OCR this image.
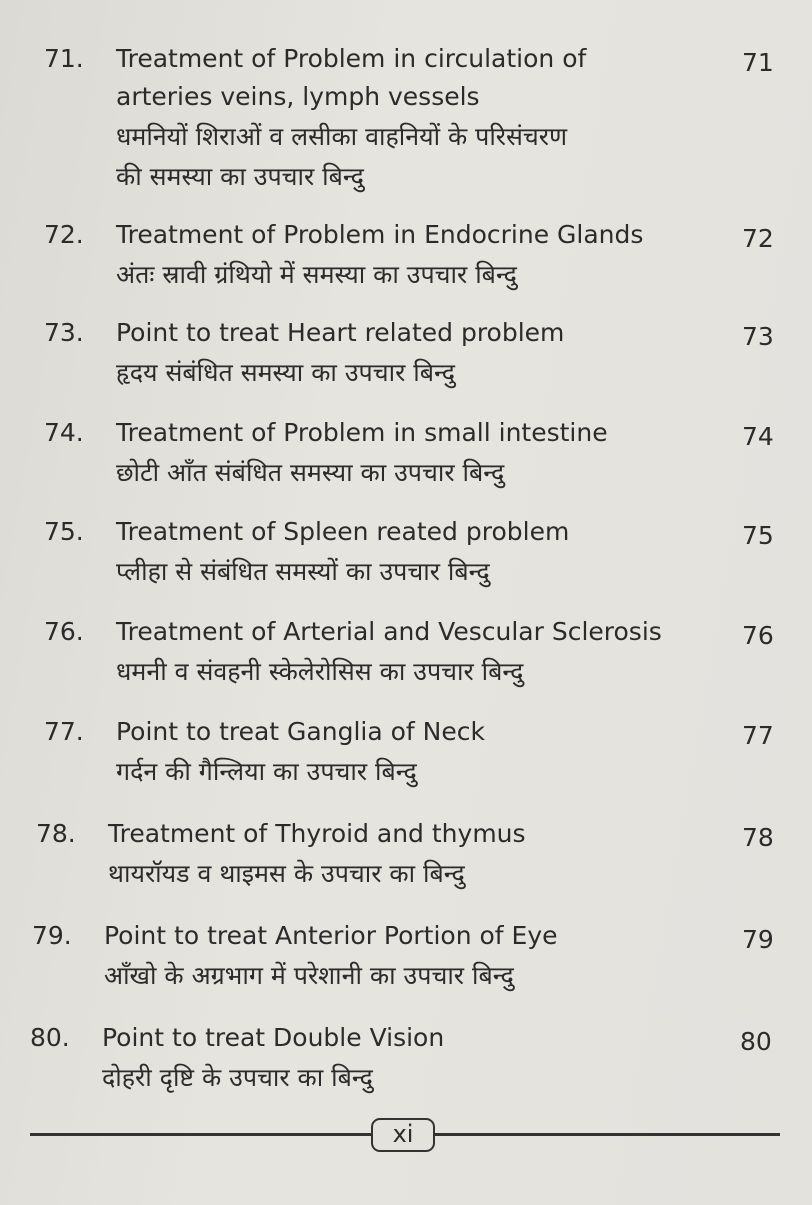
71. Treatment of Problem in circulation of
arteries veins, lymph vessels
धमनियों शिराओं व लसीका वाहनियों के परिसंचरण
की समस्या का उपचार बिन्दु
71
72. Treatment of Problem in Endocrine Glands
अंतः स्रावी ग्रंथियो में समस्या का उपचार बिन्दु
72
73. Point to treat Heart related problem
हृदय संबंधित समस्या का उपचार बिन्दु
73
74. Treatment of Problem in small intestine
छोटी आँत संबंधित समस्या का उपचार बिन्दु
74
75. Treatment of Spleen reated problem
प्लीहा से संबंधित समस्यों का उपचार बिन्दु
75
76. Treatment of Arterial and Vescular Sclerosis
धमनी व संवहनी स्केलेरोसिस का उपचार बिन्दु
76
77. Point to treat Ganglia of Neck
गर्दन की गैन्लिया का उपचार बिन्दु
77
78. Treatment of Thyroid and thymus
थायरॉयड व थाइमस के उपचार का बिन्दु
78
79. Point to treat Anterior Portion of Eye
आँखो के अग्रभाग में परेशानी का उपचार बिन्दु
79
80. Point to treat Double Vision
दोहरी दृष्टि के उपचार का बिन्दु
80
xi
